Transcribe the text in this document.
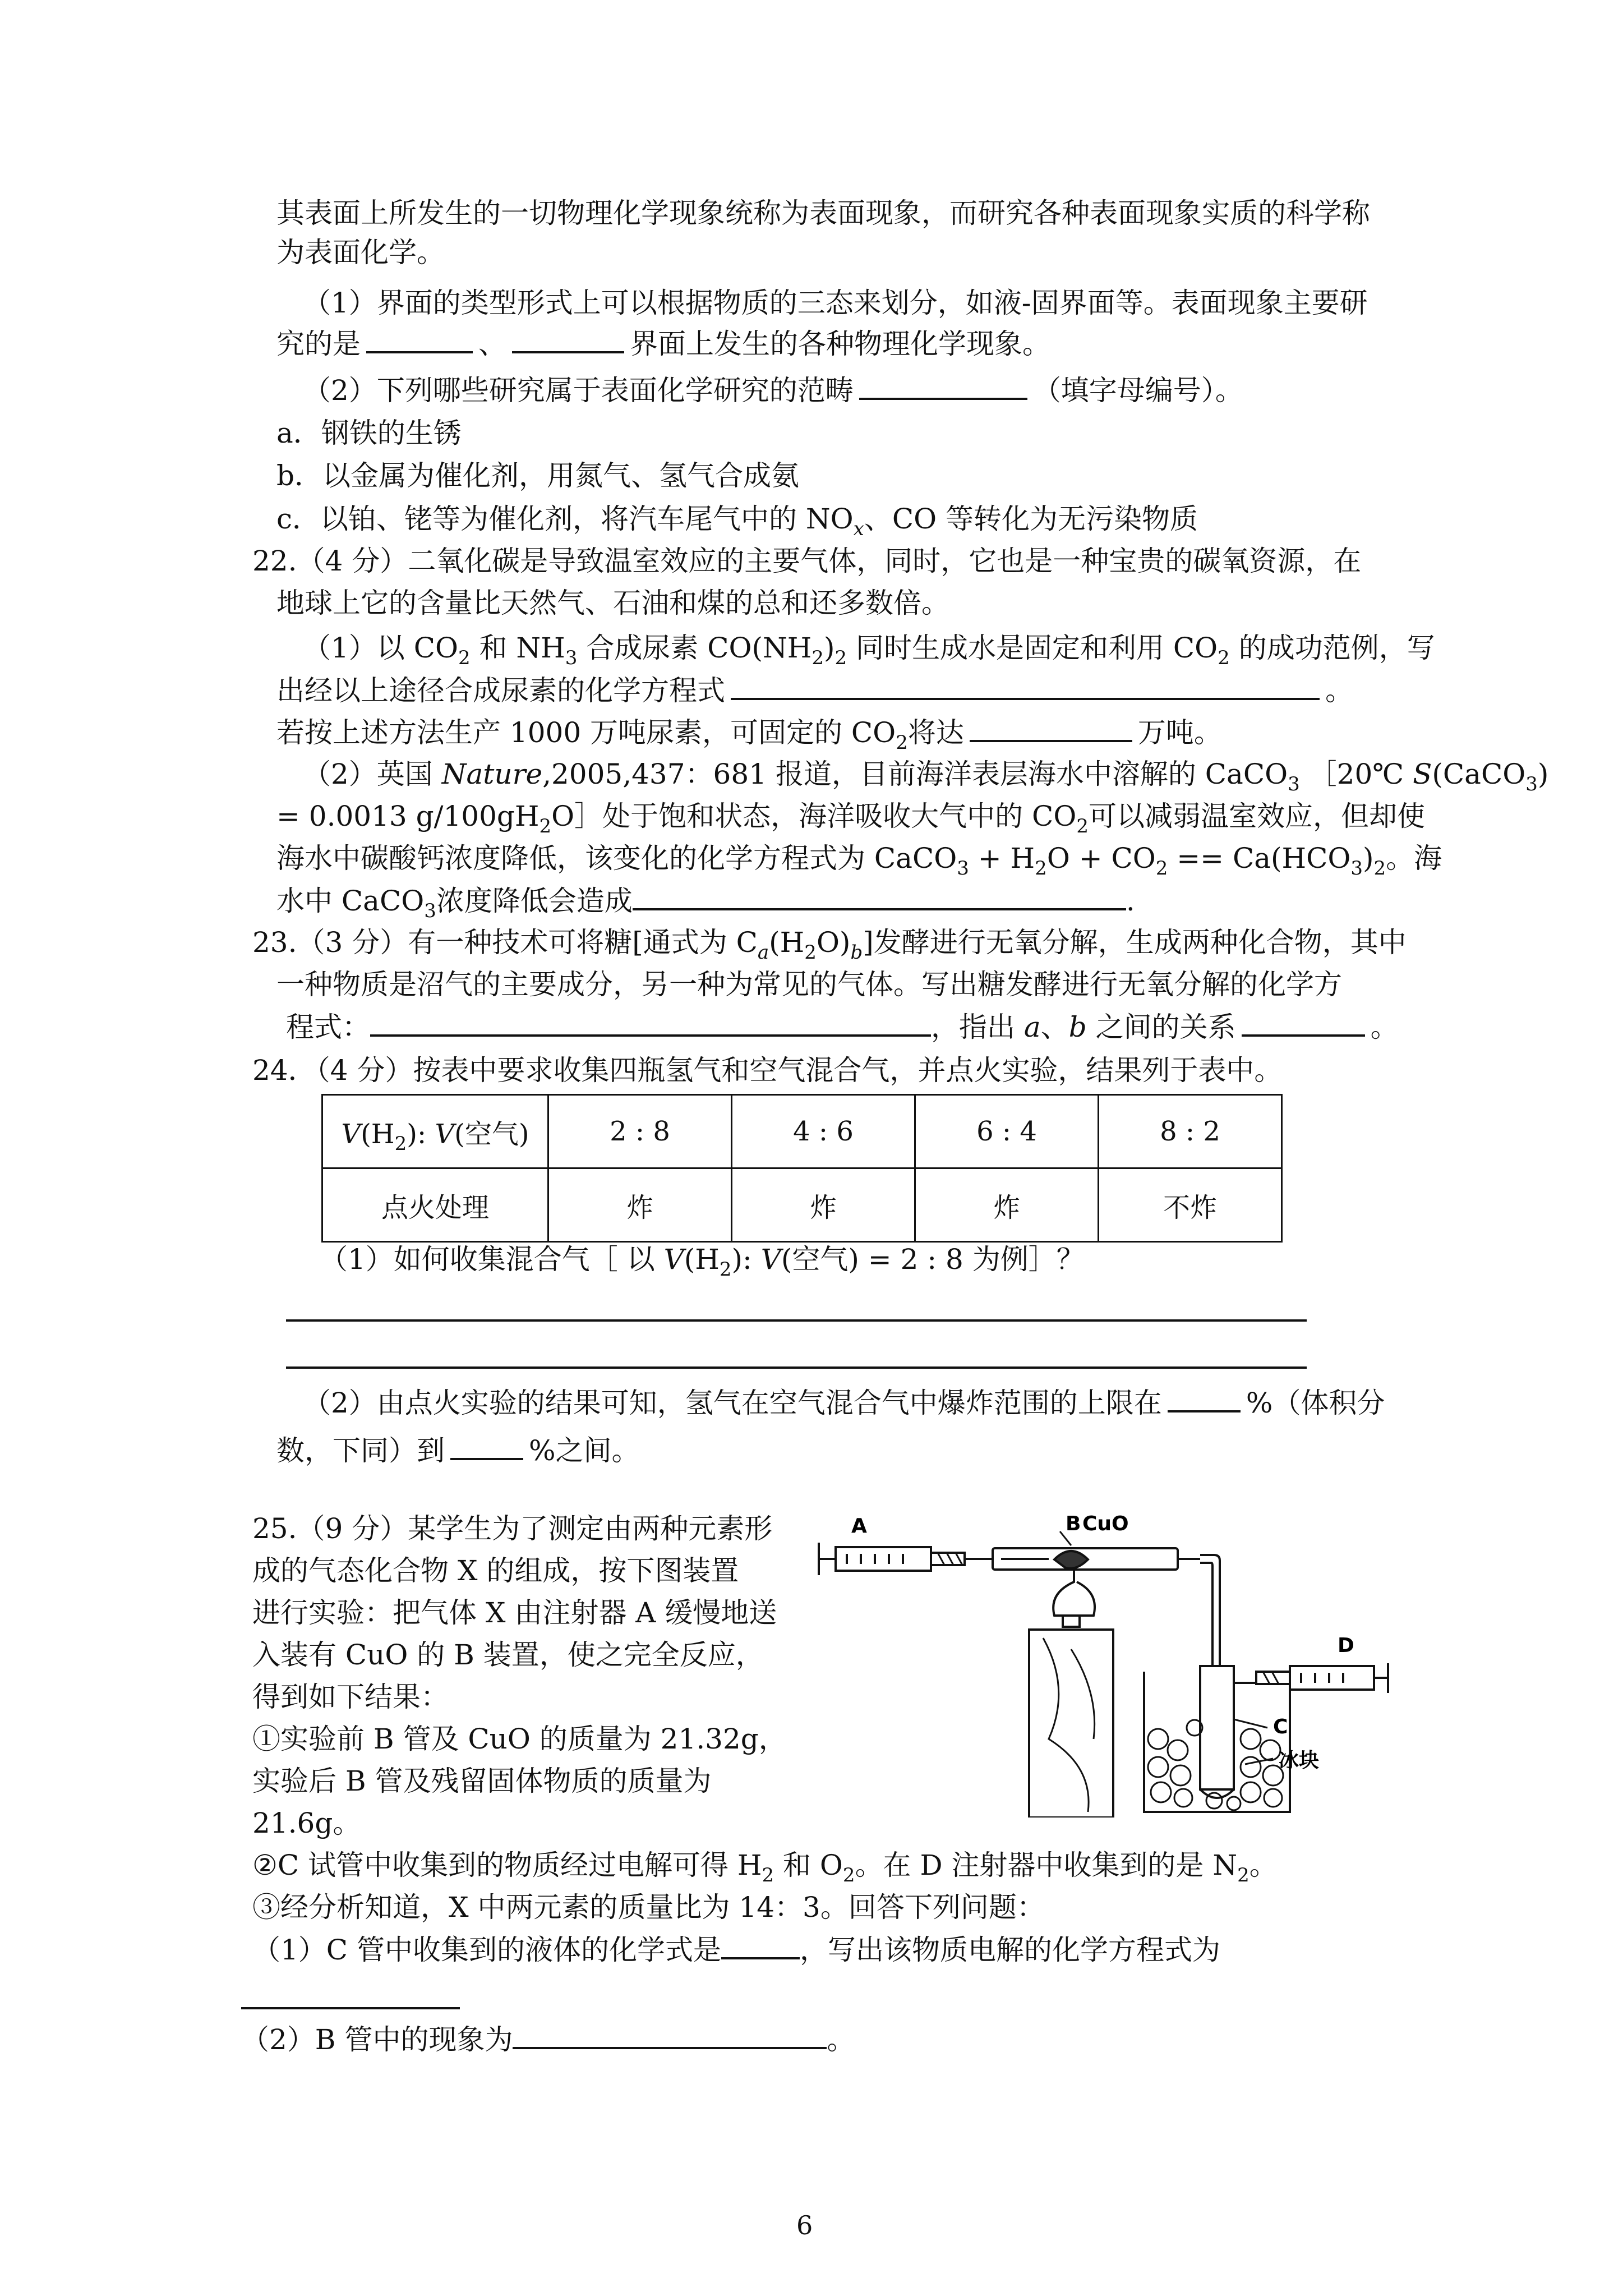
其表面上所发生的一切物理化学现象统称为表面现象，而研究各种表面现象实质的科学称
为表面化学。
（1）界面的类型形式上可以根据物质的三态来划分，如液-固界面等。表面现象主要研
究的是	、	界面上发生的各种物理化学现象。
（2）下列哪些研究属于表面化学研究的范畴	（填字母编号）。
a．钢铁的生锈
b．以金属为催化剂，用氮气、氢气合成氨
c．以铂、铑等为催化剂，将汽车尾气中的 $NO_x$、CO 等转化为无污染物质
22.（4 分）二氧化碳是导致温室效应的主要气体，同时，它也是一种宝贵的碳氧资源，在
地球上它的含量比天然气、石油和煤的总和还多数倍。
（1）以 $CO_2$ 和 $NH_3$ 合成尿素 $CO(NH_2)_2$ 同时生成水是固定和利用 $CO_2$ 的成功范例，写
出经以上途径合成尿素的化学方程式	。
若按上述方法生产 1000 万吨尿素，可固定的 $CO_2$将达	万吨。
（2）英国 Nature,2005,437：681 报道，目前海洋表层海水中溶解的 CaCO$_3$ ［20℃ S(CaCO$_3$)
= 0.0013 $g/100gH_2O]$处于饱和状态，海洋吸收大气中的 $CO_2$可以减弱温室效应，但却使
海水中碳酸钙浓度降低，该变化的化学方程式为 CaCO$_3$ + $H_2O + CO_2 == Ca(HCO_3)_2$。海
水中 CaCO$_3$浓度降低会造成	.
23.（3 分）有一种技术可将糖[通式为 $C_a(H_2O)_b$]发酵进行无氧分解，生成两种化合物，其中
一种物质是沼气的主要成分，另一种为常见的气体。写出糖发酵进行无氧分解的化学方
程式：	，指出 a、b 之间的关系	。
24．（4 分）按表中要求收集四瓶氢气和空气混合气，并点火实验，结果列于表中。
$V(H_2)$: V(空气)	2 : 8	4 : 6	6 : 4	8 : 2
点火处理	炸	炸	炸	不炸
（1）如何收集混合气［ 以 $V(H_2)$: V(空气) = 2 : 8 为例］？
（2）由点火实验的结果可知，氢气在空气混合气中爆炸范围的上限在	%（体积分
数，下同）到	%之间。
25.（9 分）某学生为了测定由两种元素形
成的气态化合物 X 的组成，按下图装置
进行实验：把气体 X 由注射器 A 缓慢地送
入装有 CuO 的 B 装置，使之完全反应，
得到如下结果：
①实验前 B 管及 CuO 的质量为 21.32g，
实验后 B 管及残留固体物质的质量为
21.6g。
②C 试管中收集到的物质经过电解可得 $H_2$ 和 $O_2$。在 D 注射器中收集到的是 $N_2$。
③经分析知道，X 中两元素的质量比为 14：3。回答下列问题：
（1）C 管中收集到的液体的化学式是	，写出该物质电解的化学方程式为
（2）B 管中的现象为	。
A	B CuO
D
C
冰块
6
